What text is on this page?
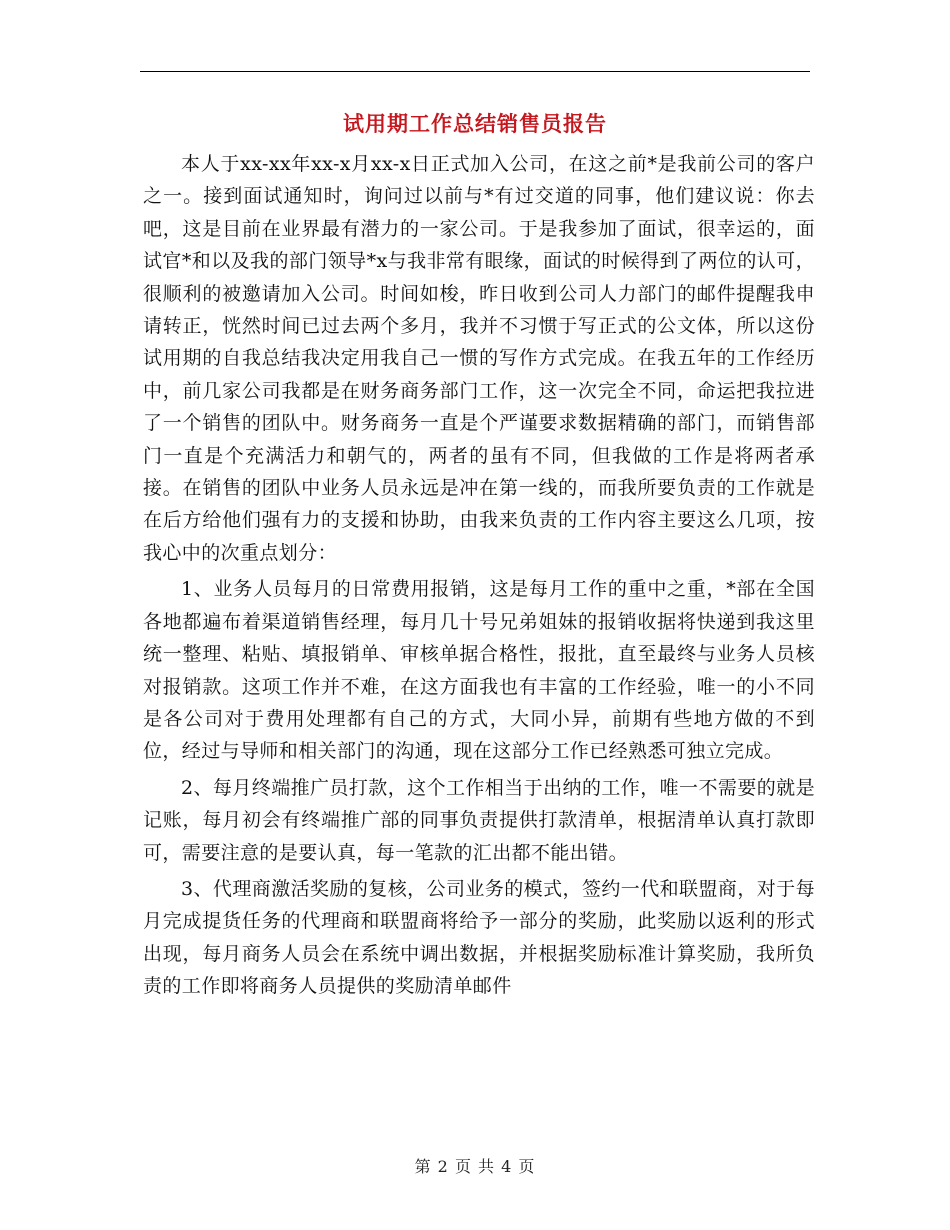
试用期工作总结销售员报告

本人于xx-xx年xx-x月xx-x日正式加入公司，在这之前*是我前公司的客户之一。接到面试通知时，询问过以前与*有过交道的同事，他们建议说：你去吧，这是目前在业界最有潜力的一家公司。于是我参加了面试，很幸运的，面试官*和以及我的部门领导*x与我非常有眼缘，面试的时候得到了两位的认可，很顺利的被邀请加入公司。时间如梭，昨日收到公司人力部门的邮件提醒我申请转正，恍然时间已过去两个多月，我并不习惯于写正式的公文体，所以这份试用期的自我总结我决定用我自己一惯的写作方式完成。在我五年的工作经历中，前几家公司我都是在财务商务部门工作，这一次完全不同，命运把我拉进了一个销售的团队中。财务商务一直是个严谨要求数据精确的部门，而销售部门一直是个充满活力和朝气的，两者的虽有不同，但我做的工作是将两者承接。在销售的团队中业务人员永远是冲在第一线的，而我所要负责的工作就是在后方给他们强有力的支援和协助，由我来负责的工作内容主要这么几项，按我心中的次重点划分：

1、业务人员每月的日常费用报销，这是每月工作的重中之重，*部在全国各地都遍布着渠道销售经理，每月几十号兄弟姐妹的报销收据将快递到我这里统一整理、粘贴、填报销单、审核单据合格性，报批，直至最终与业务人员核对报销款。这项工作并不难，在这方面我也有丰富的工作经验，唯一的小不同是各公司对于费用处理都有自己的方式，大同小异，前期有些地方做的不到位，经过与导师和相关部门的沟通，现在这部分工作已经熟悉可独立完成。

2、每月终端推广员打款，这个工作相当于出纳的工作，唯一不需要的就是记账，每月初会有终端推广部的同事负责提供打款清单，根据清单认真打款即可，需要注意的是要认真，每一笔款的汇出都不能出错。

3、代理商激活奖励的复核，公司业务的模式，签约一代和联盟商，对于每月完成提货任务的代理商和联盟商将给予一部分的奖励，此奖励以返利的形式出现，每月商务人员会在系统中调出数据，并根据奖励标准计算奖励，我所负责的工作即将商务人员提供的奖励清单邮件

第 2 页 共 4 页
